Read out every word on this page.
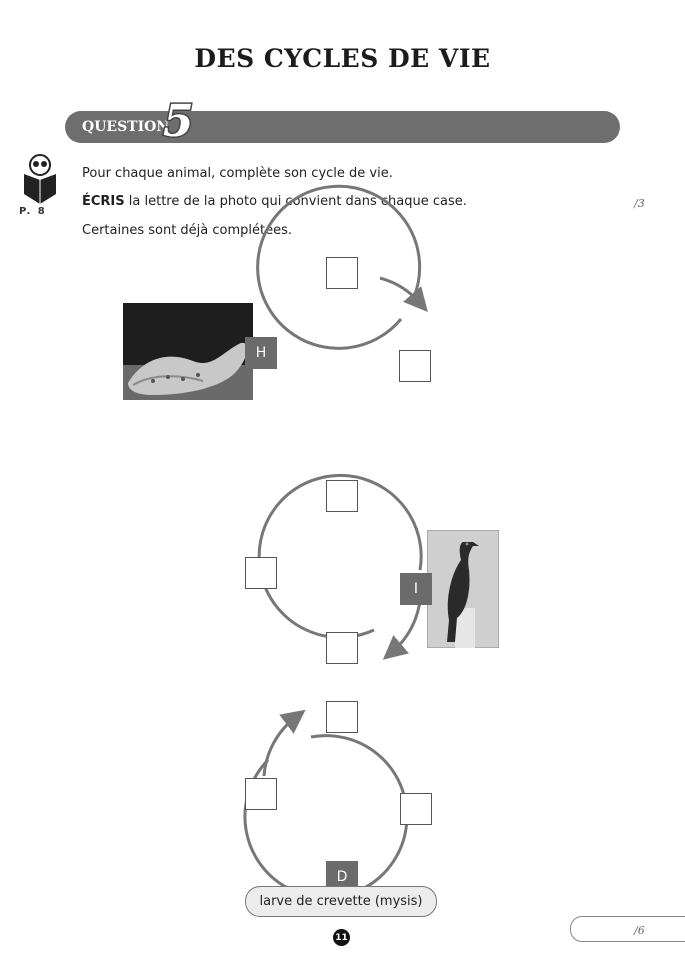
DES CYCLES DE VIE
QUESTION
5
P. 8
Pour chaque animal, complète son cycle de vie.
ÉCRIS la lettre de la photo qui convient dans chaque case.
Certaines sont déjà complétées.
/3
H
I
D
larve de crevette (mysis)
11
/6
